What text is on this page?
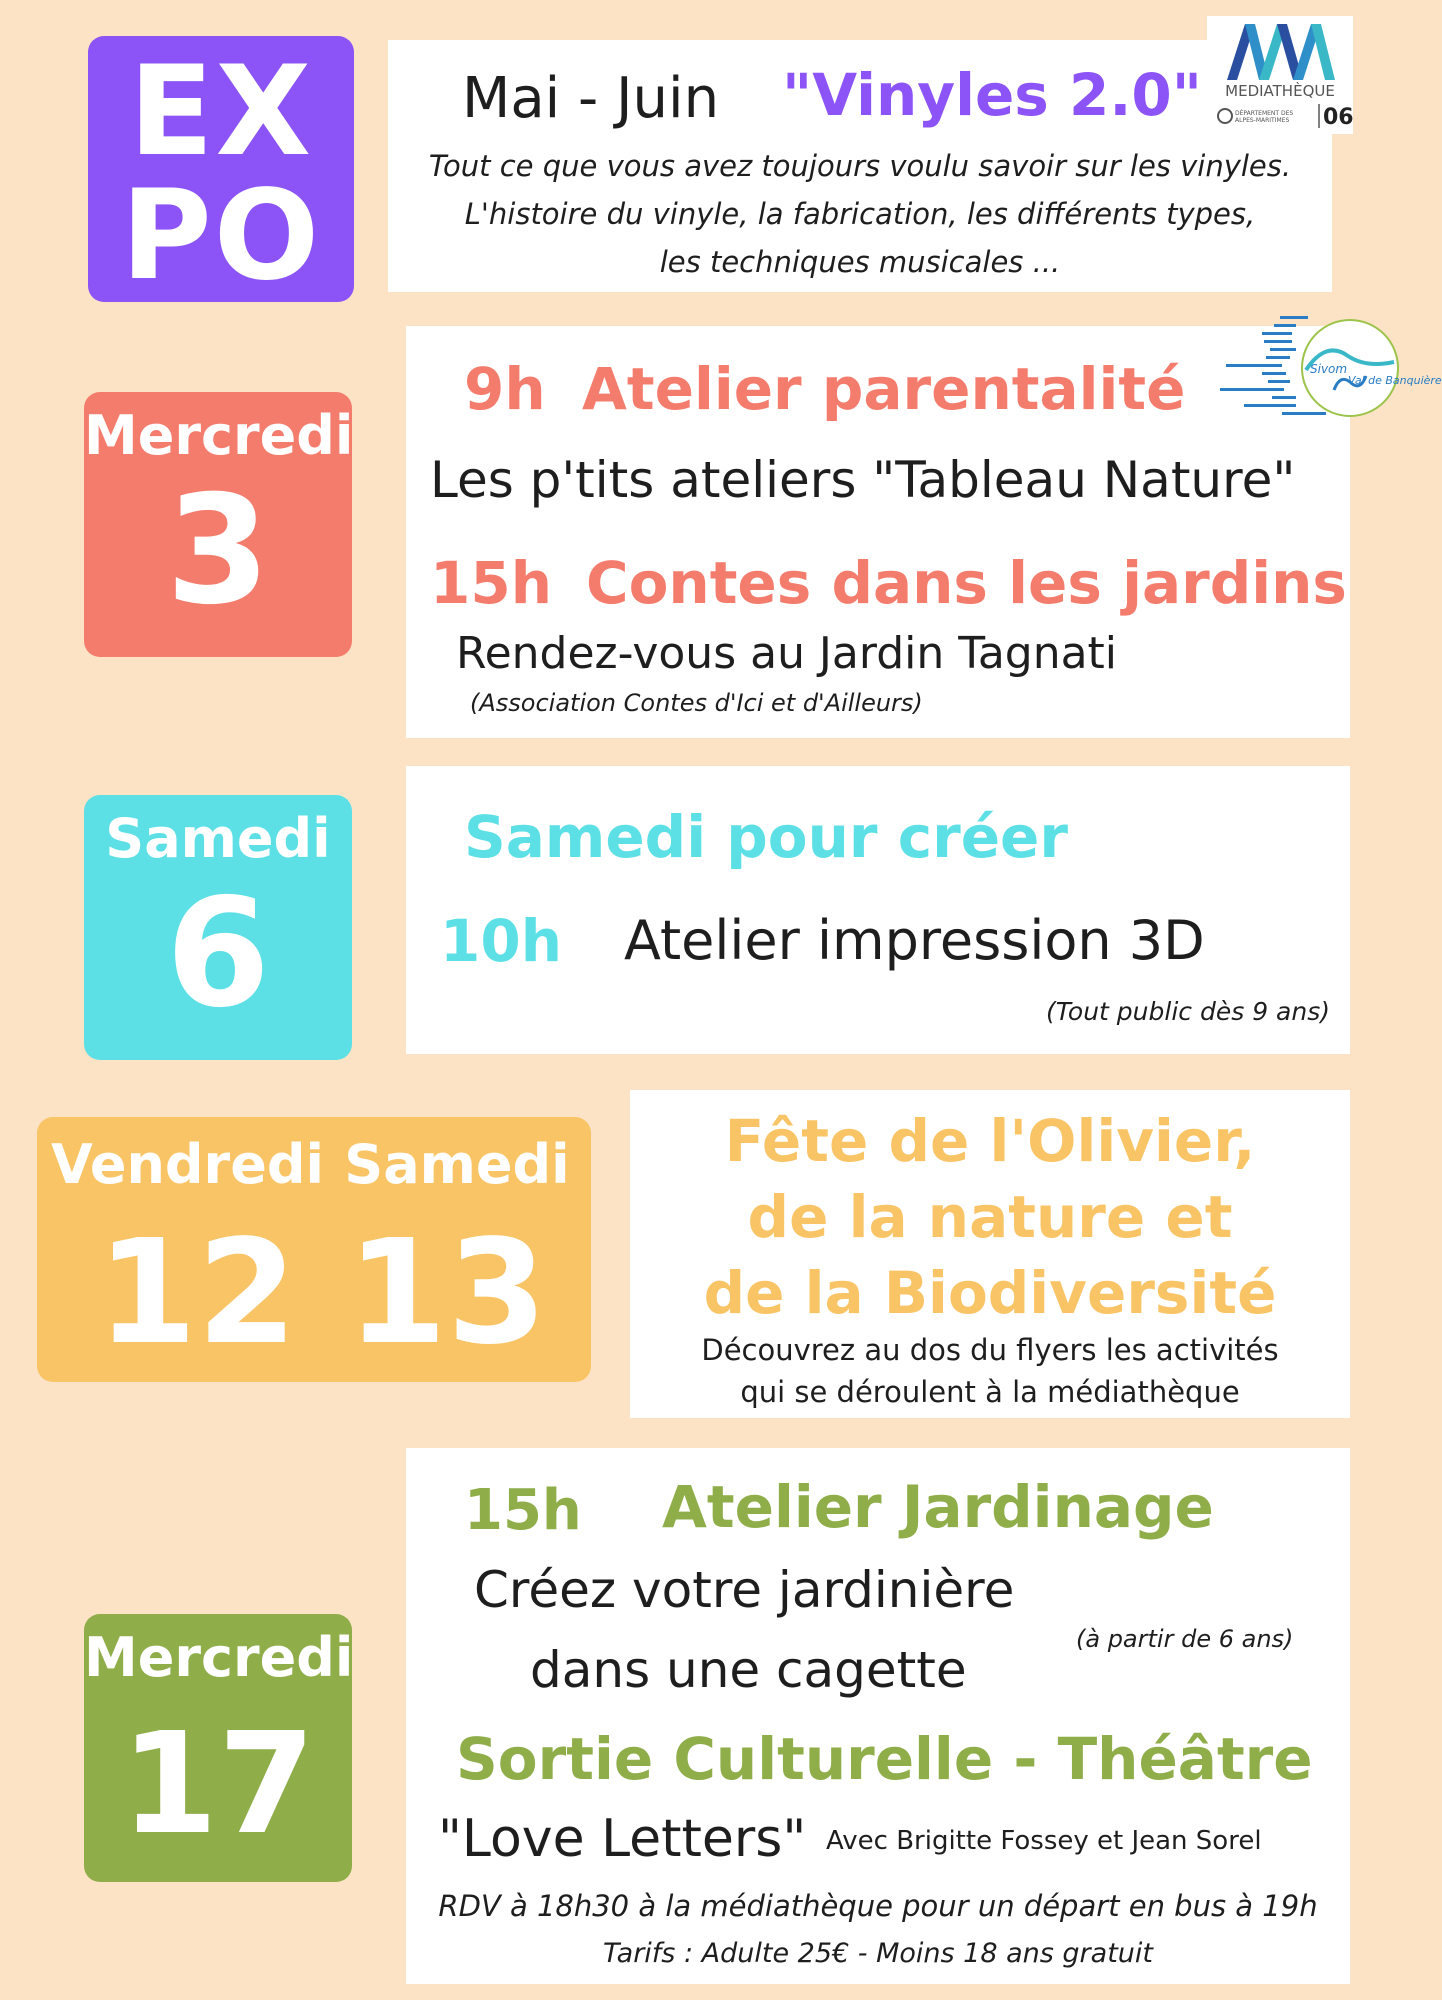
EX
PO

Mai - Juin "Vinyles 2.0"

Tout ce que vous avez toujours voulu savoir sur les vinyles.

L'histoire du vinyle, la fabrication, les différents types,

les techniques musicales ...

MEDIATHÈQUE

DÉPARTEMENT DES ALPES-MARITIMES	06

Mercredi
3

9h Atelier parentalité

Les p'tits ateliers "Tableau Nature"

15h Contes dans les jardins

Rendez-vous au Jardin Tagnati

(Association Contes d'Ici et d'Ailleurs)

Sivom

Val de Banquière

Samedi
6

Samedi pour créer

10h Atelier impression 3D

(Tout public dès 9 ans)

Vendredi Samedi
12 13

Fête de l'Olivier,

de la nature et

de la Biodiversité

Découvrez au dos du flyers les activités

qui se déroulent à la médiathèque

Mercredi
17

15h Atelier Jardinage

Créez votre jardinière

dans une cagette

(à partir de 6 ans)

Sortie Culturelle - Théâtre

"Love Letters" Avec Brigitte Fossey et Jean Sorel

RDV à 18h30 à la médiathèque pour un départ en bus à 19h

Tarifs : Adulte 25€ - Moins 18 ans gratuit
